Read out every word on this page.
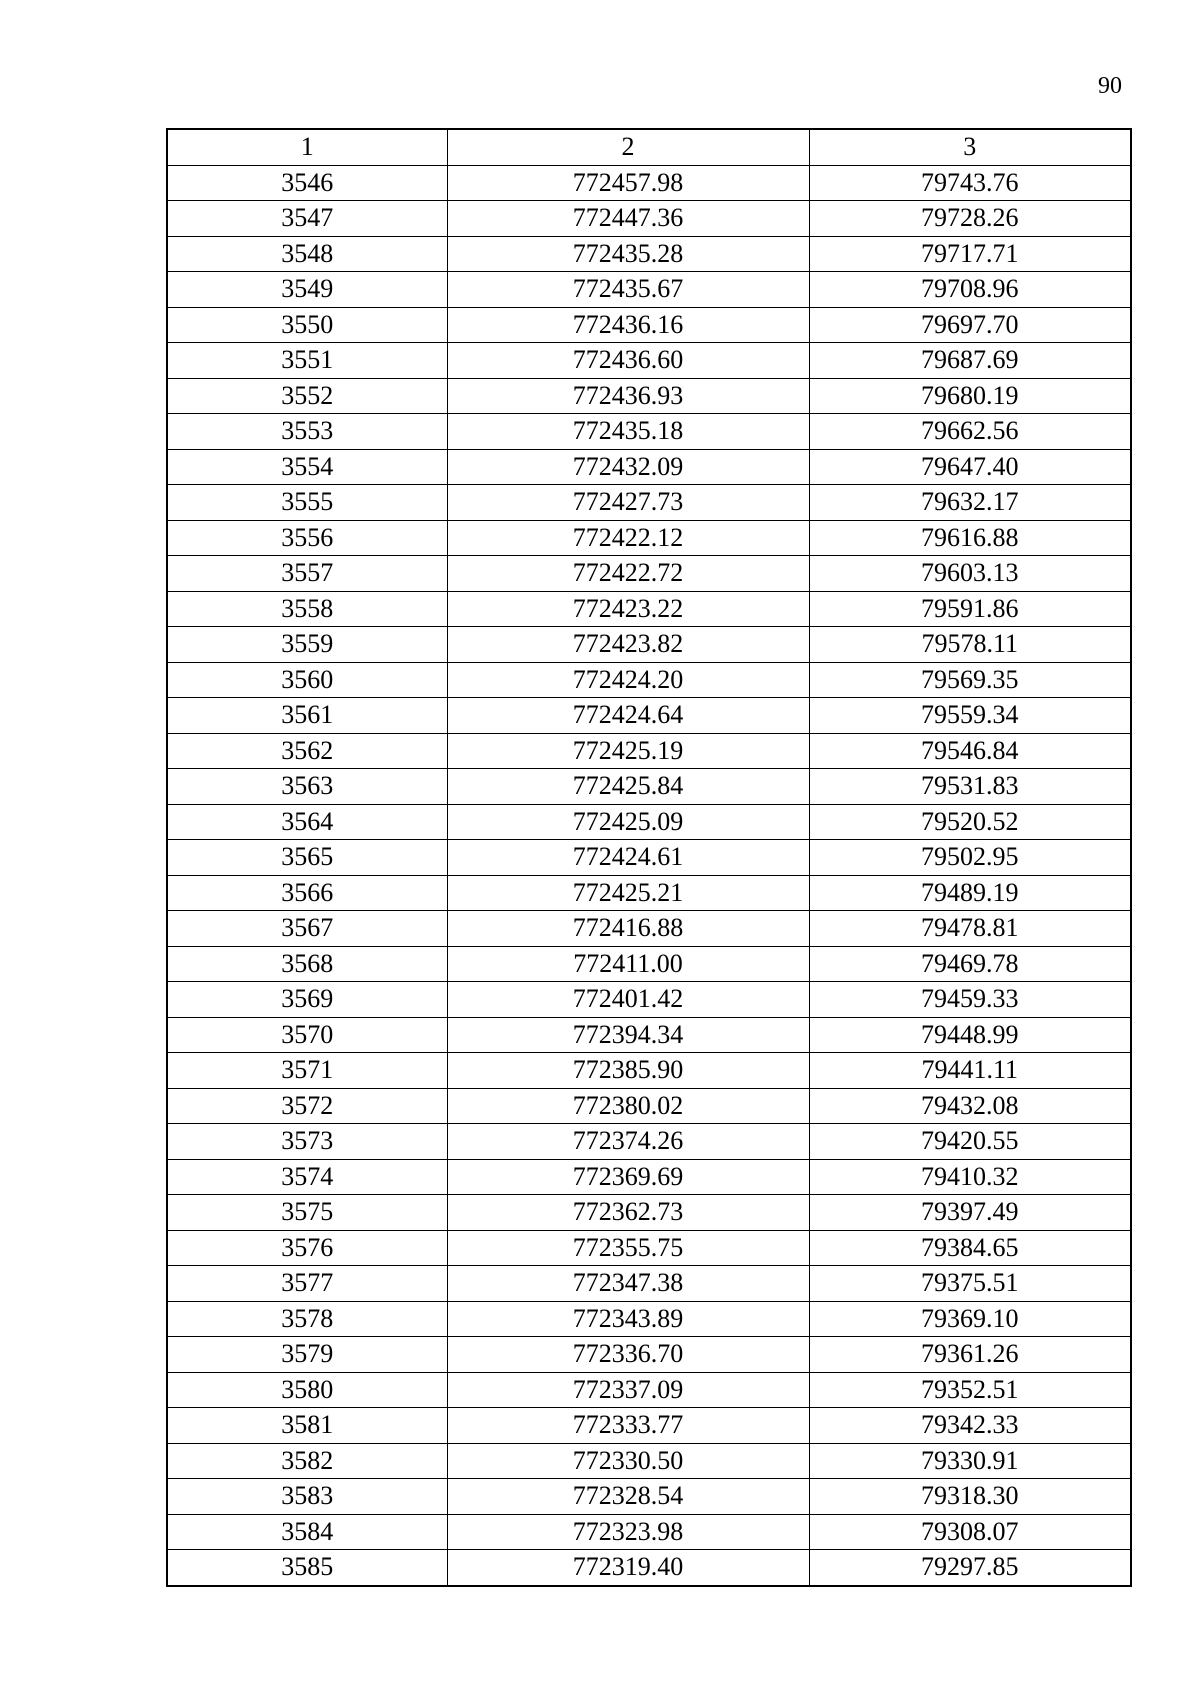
90
1	2	3
3546	772457.98	79743.76
3547	772447.36	79728.26
3548	772435.28	79717.71
3549	772435.67	79708.96
3550	772436.16	79697.70
3551	772436.60	79687.69
3552	772436.93	79680.19
3553	772435.18	79662.56
3554	772432.09	79647.40
3555	772427.73	79632.17
3556	772422.12	79616.88
3557	772422.72	79603.13
3558	772423.22	79591.86
3559	772423.82	79578.11
3560	772424.20	79569.35
3561	772424.64	79559.34
3562	772425.19	79546.84
3563	772425.84	79531.83
3564	772425.09	79520.52
3565	772424.61	79502.95
3566	772425.21	79489.19
3567	772416.88	79478.81
3568	772411.00	79469.78
3569	772401.42	79459.33
3570	772394.34	79448.99
3571	772385.90	79441.11
3572	772380.02	79432.08
3573	772374.26	79420.55
3574	772369.69	79410.32
3575	772362.73	79397.49
3576	772355.75	79384.65
3577	772347.38	79375.51
3578	772343.89	79369.10
3579	772336.70	79361.26
3580	772337.09	79352.51
3581	772333.77	79342.33
3582	772330.50	79330.91
3583	772328.54	79318.30
3584	772323.98	79308.07
3585	772319.40	79297.85
